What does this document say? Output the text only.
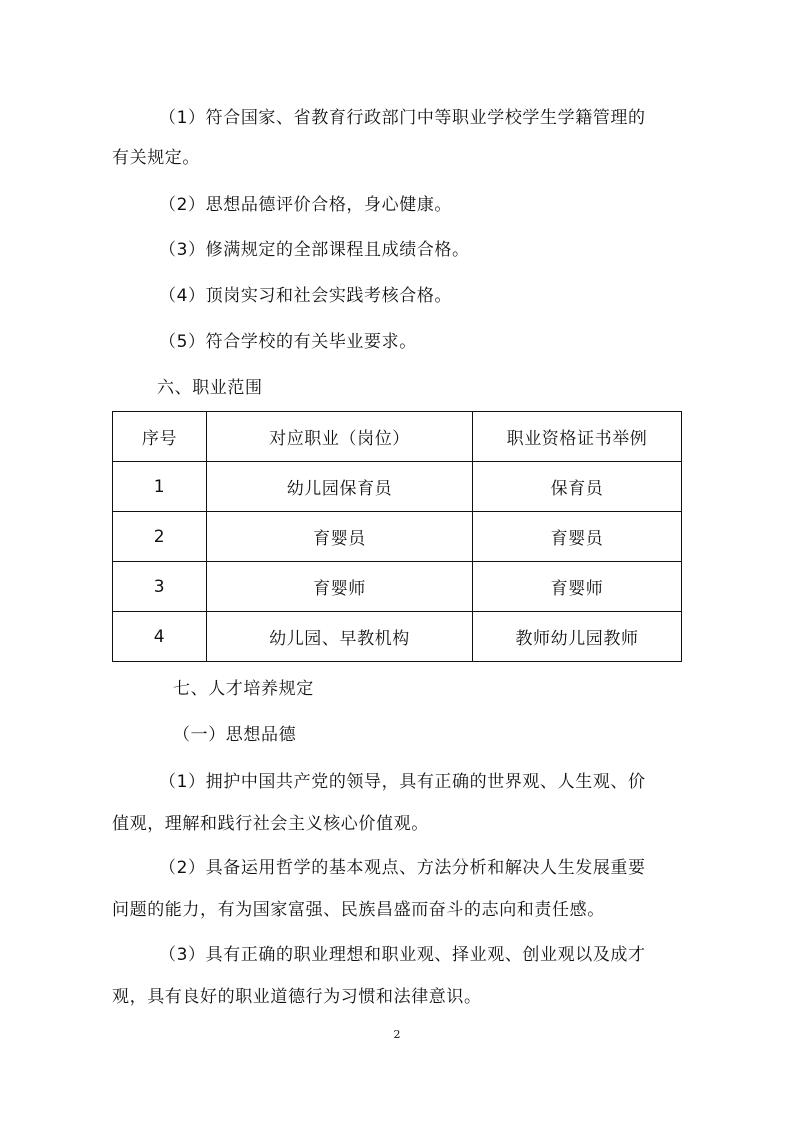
（1）符合国家、省教育行政部门中等职业学校学生学籍管理的
有关规定。
（2）思想品德评价合格，身心健康。
（3）修满规定的全部课程且成绩合格。
（4）顶岗实习和社会实践考核合格。
（5）符合学校的有关毕业要求。
六、职业范围
序号	对应职业（岗位）	职业资格证书举例
1	幼儿园保育员	保育员
2	育婴员	育婴员
3	育婴师	育婴师
4	幼儿园、早教机构	教师幼儿园教师
七、人才培养规定
（一）思想品德
（1）拥护中国共产党的领导，具有正确的世界观、人生观、价
值观，理解和践行社会主义核心价值观。
（2）具备运用哲学的基本观点、方法分析和解决人生发展重要
问题的能力，有为国家富强、民族昌盛而奋斗的志向和责任感。
（3）具有正确的职业理想和职业观、择业观、创业观以及成才
观，具有良好的职业道德行为习惯和法律意识。
2
